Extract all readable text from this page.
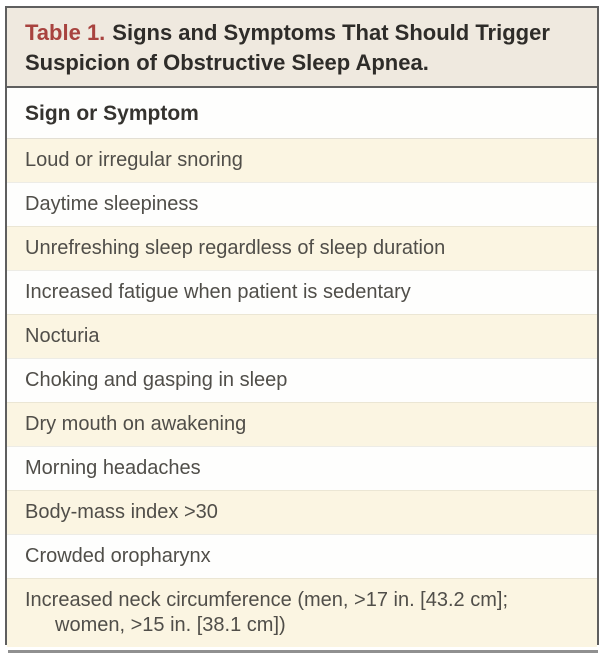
Table 1. Signs and Symptoms That Should Trigger Suspicion of Obstructive Sleep Apnea.
Sign or Symptom
Loud or irregular snoring
Daytime sleepiness
Unrefreshing sleep regardless of sleep duration
Increased fatigue when patient is sedentary
Nocturia
Choking and gasping in sleep
Dry mouth on awakening
Morning headaches
Body-mass index >30
Crowded oropharynx
Increased neck circumference (men, >17 in. [43.2 cm]; women, >15 in. [38.1 cm])
